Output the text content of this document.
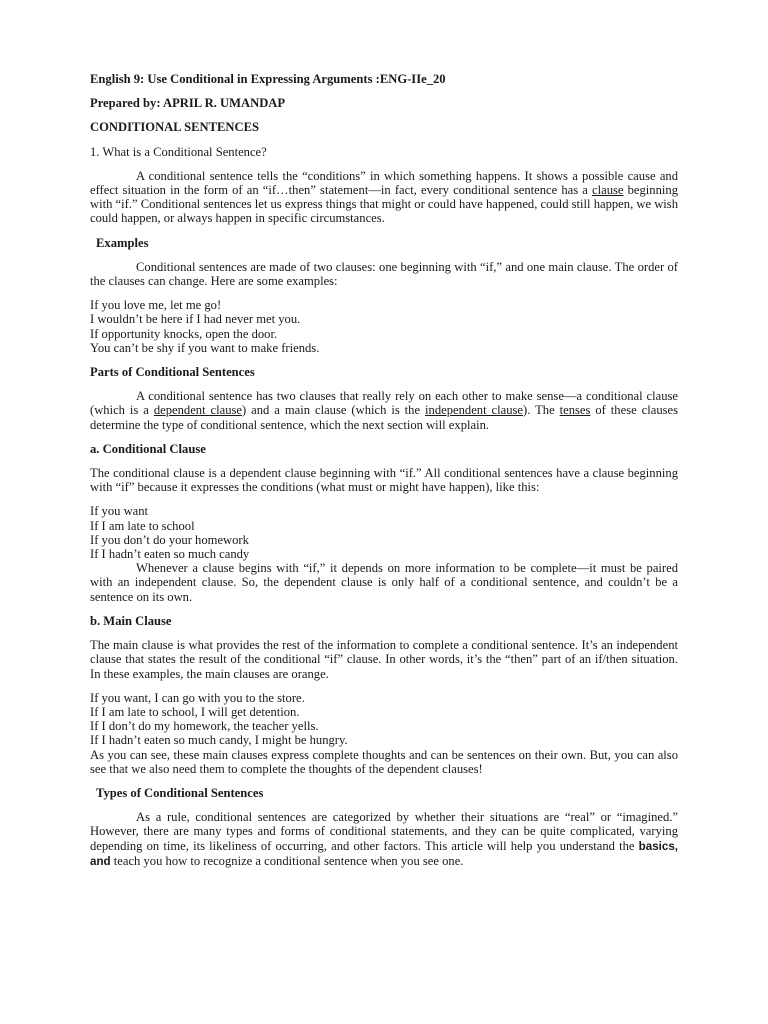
English 9: Use Conditional in Expressing Arguments :ENG-IIe_20

Prepared by: APRIL R. UMANDAP

CONDITIONAL SENTENCES

1. What is a Conditional Sentence?

A conditional sentence tells the “conditions” in which something happens. It shows a possible cause and effect situation in the form of an “if…then” statement—in fact, every conditional sentence has a clause beginning with “if.” Conditional sentences let us express things that might or could have happened, could still happen, we wish could happen, or always happen in specific circumstances.

Examples

Conditional sentences are made of two clauses: one beginning with “if,” and one main clause. The order of the clauses can change. Here are some examples:

If you love me, let me go!

I wouldn’t be here if I had never met you.

If opportunity knocks, open the door.

You can’t be shy if you want to make friends.

Parts of Conditional Sentences

A conditional sentence has two clauses that really rely on each other to make sense—a conditional clause (which is a dependent clause) and a main clause (which is the independent clause). The tenses of these clauses determine the type of conditional sentence, which the next section will explain.

a. Conditional Clause

The conditional clause is a dependent clause beginning with “if.” All conditional sentences have a clause beginning with “if” because it expresses the conditions (what must or might have happen), like this:

If you want

If I am late to school

If you don’t do your homework

If I hadn’t eaten so much candy

Whenever a clause begins with “if,” it depends on more information to be complete—it must be paired with an independent clause. So, the dependent clause is only half of a conditional sentence, and couldn’t be a sentence on its own.

b. Main Clause

The main clause is what provides the rest of the information to complete a conditional sentence. It’s an independent clause that states the result of the conditional “if” clause. In other words, it’s the “then” part of an if/then situation. In these examples, the main clauses are orange.

If you want, I can go with you to the store.

If I am late to school, I will get detention.

If I don’t do my homework, the teacher yells.

If I hadn’t eaten so much candy, I might be hungry.

As you can see, these main clauses express complete thoughts and can be sentences on their own. But, you can also see that we also need them to complete the thoughts of the dependent clauses!

Types of Conditional Sentences

As a rule, conditional sentences are categorized by whether their situations are “real” or “imagined.” However, there are many types and forms of conditional statements, and they can be quite complicated, varying depending on time, its likeliness of occurring, and other factors. This article will help you understand the basics, and teach you how to recognize a conditional sentence when you see one.
